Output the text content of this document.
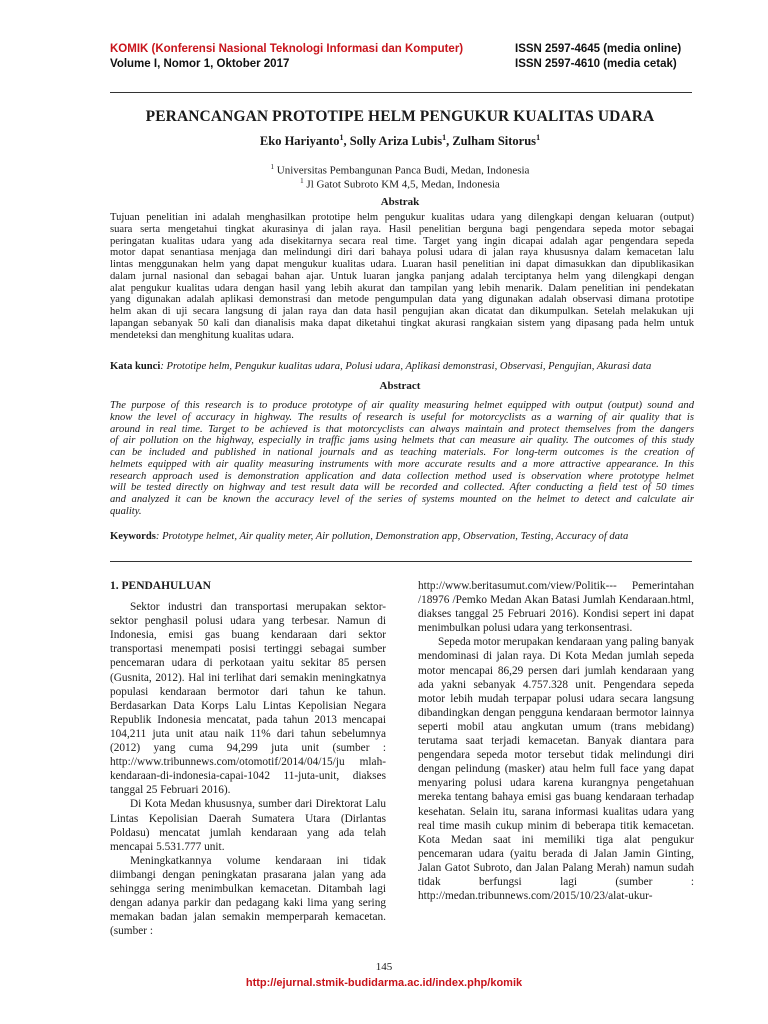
KOMIK (Konferensi Nasional Teknologi Informasi dan Komputer)
Volume I, Nomor 1, Oktober 2017
ISSN 2597-4645 (media online)
ISSN 2597-4610 (media cetak)
PERANCANGAN PROTOTIPE HELM PENGUKUR KUALITAS UDARA
Eko Hariyanto$^1$, Solly Ariza Lubis$^1$, Zulham Sitorus$^1$
$^1$ Universitas Pembangunan Panca Budi, Medan, Indonesia
$^1$ Jl Gatot Subroto KM 4,5, Medan, Indonesia
Abstrak
Tujuan penelitian ini adalah menghasilkan prototipe helm pengukur kualitas udara yang dilengkapi dengan keluaran (output)
suara serta mengetahui tingkat akurasinya di jalan raya. Hasil penelitian berguna bagi pengendara sepeda motor sebagai
peringatan kualitas udara yang ada disekitarnya secara real time. Target yang ingin dicapai adalah agar pengendara sepeda
motor dapat senantiasa menjaga dan melindungi diri dari bahaya polusi udara di jalan raya khususnya dalam kemacetan lalu
lintas menggunakan helm yang dapat mengukur kualitas udara. Luaran hasil penelitian ini dapat dimasukkan dan dipublikasikan
dalam jurnal nasional dan sebagai bahan ajar. Untuk luaran jangka panjang adalah terciptanya helm yang dilengkapi dengan
alat pengukur kualitas udara dengan hasil yang lebih akurat dan tampilan yang lebih menarik. Dalam penelitian ini pendekatan
yang digunakan adalah aplikasi demonstrasi dan metode pengumpulan data yang digunakan adalah observasi dimana prototipe
helm akan di uji secara langsung di jalan raya dan data hasil pengujian akan dicatat dan dikumpulkan. Setelah melakukan uji
lapangan sebanyak 50 kali dan dianalisis maka dapat diketahui tingkat akurasi rangkaian sistem yang dipasang pada helm untuk
mendeteksi dan menghitung kualitas udara.
Kata kunci: Prototipe helm, Pengukur kualitas udara, Polusi udara, Aplikasi demonstrasi, Observasi, Pengujian, Akurasi data
Abstract
The purpose of this research is to produce prototype of air quality measuring helmet equipped with output (output) sound and
know the level of accuracy in highway. The results of research is useful for motorcyclists as a warning of air quality that is
around in real time. Target to be achieved is that motorcyclists can always maintain and protect themselves from the dangers
of air pollution on the highway, especially in traffic jams using helmets that can measure air quality. The outcomes of this study
can be included and published in national journals and as teaching materials. For long-term outcomes is the creation of
helmets equipped with air quality measuring instruments with more accurate results and a more attractive appearance. In this
research approach used is demonstration application and data collection method used is observation where prototype helmet
will be tested directly on highway and test result data will be recorded and collected. After conducting a field test of 50 times
and analyzed it can be known the accuracy level of the series of systems mounted on the helmet to detect and calculate air
quality.
Keywords: Prototype helmet, Air quality meter, Air pollution, Demonstration app, Observation, Testing, Accuracy of data
1. PENDAHULUAN

Sektor industri dan transportasi merupakan sektor-sektor penghasil polusi udara yang terbesar. Namun di Indonesia, emisi gas buang kendaraan dari sektor transportasi menempati posisi tertinggi sebagai sumber pencemaran udara di perkotaan yaitu sekitar 85 persen (Gusnita, 2012). Hal ini terlihat dari semakin meningkatnya populasi kendaraan bermotor dari tahun ke tahun. Berdasarkan Data Korps Lalu Lintas Kepolisian Negara Republik Indonesia mencatat, pada tahun 2013 mencapai 104,211 juta unit atau naik 11% dari tahun sebelumnya (2012) yang cuma 94,299 juta unit (sumber : http://www.tribunnews.com/otomotif/2014/04/15/ju mlah-kendaraan-di-indonesia-capai-1042 11-juta-unit, diakses tanggal 25 Februari 2016).

Di Kota Medan khususnya, sumber dari Direktorat Lalu Lintas Kepolisian Daerah Sumatera Utara (Dirlantas Poldasu) mencatat jumlah kendaraan yang ada telah mencapai 5.531.777 unit.

Meningkatkannya volume kendaraan ini tidak diimbangi dengan peningkatan prasarana jalan yang ada sehingga sering menimbulkan kemacetan. Ditambah lagi dengan adanya parkir dan pedagang kaki lima yang sering memakan badan jalan semakin memperparah kemacetan. (sumber :

http://www.beritasumut.com/view/Politik--- Pemerintahan /18976 /Pemko Medan Akan Batasi Jumlah Kendaraan.html, diakses tanggal 25 Februari 2016). Kondisi sepert ini dapat menimbulkan polusi udara yang terkonsentrasi.

Sepeda motor merupakan kendaraan yang paling banyak mendominasi di jalan raya. Di Kota Medan jumlah sepeda motor mencapai 86,29 persen dari jumlah kendaraan yang ada yakni sebanyak 4.757.328 unit. Pengendara sepeda motor lebih mudah terpapar polusi udara secara langsung dibandingkan dengan pengguna kendaraan bermotor lainnya seperti mobil atau angkutan umum (trans mebidang) terutama saat terjadi kemacetan. Banyak diantara para pengendara sepeda motor tersebut tidak melindungi diri dengan pelindung (masker) atau helm full face yang dapat menyaring polusi udara karena kurangnya pengetahuan mereka tentang bahaya emisi gas buang kendaraan terhadap kesehatan. Selain itu, sarana informasi kualitas udara yang real time masih cukup minim di beberapa titik kemacetan. Kota Medan saat ini memiliki tiga alat pengukur pencemaran udara (yaitu berada di Jalan Jamin Ginting, Jalan Gatot Subroto, dan Jalan Palang Merah) namun sudah tidak berfungsi lagi (sumber : http://medan.tribunnews.com/2015/10/23/alat-ukur-

145
http://ejurnal.stmik-budidarma.ac.id/index.php/komik
